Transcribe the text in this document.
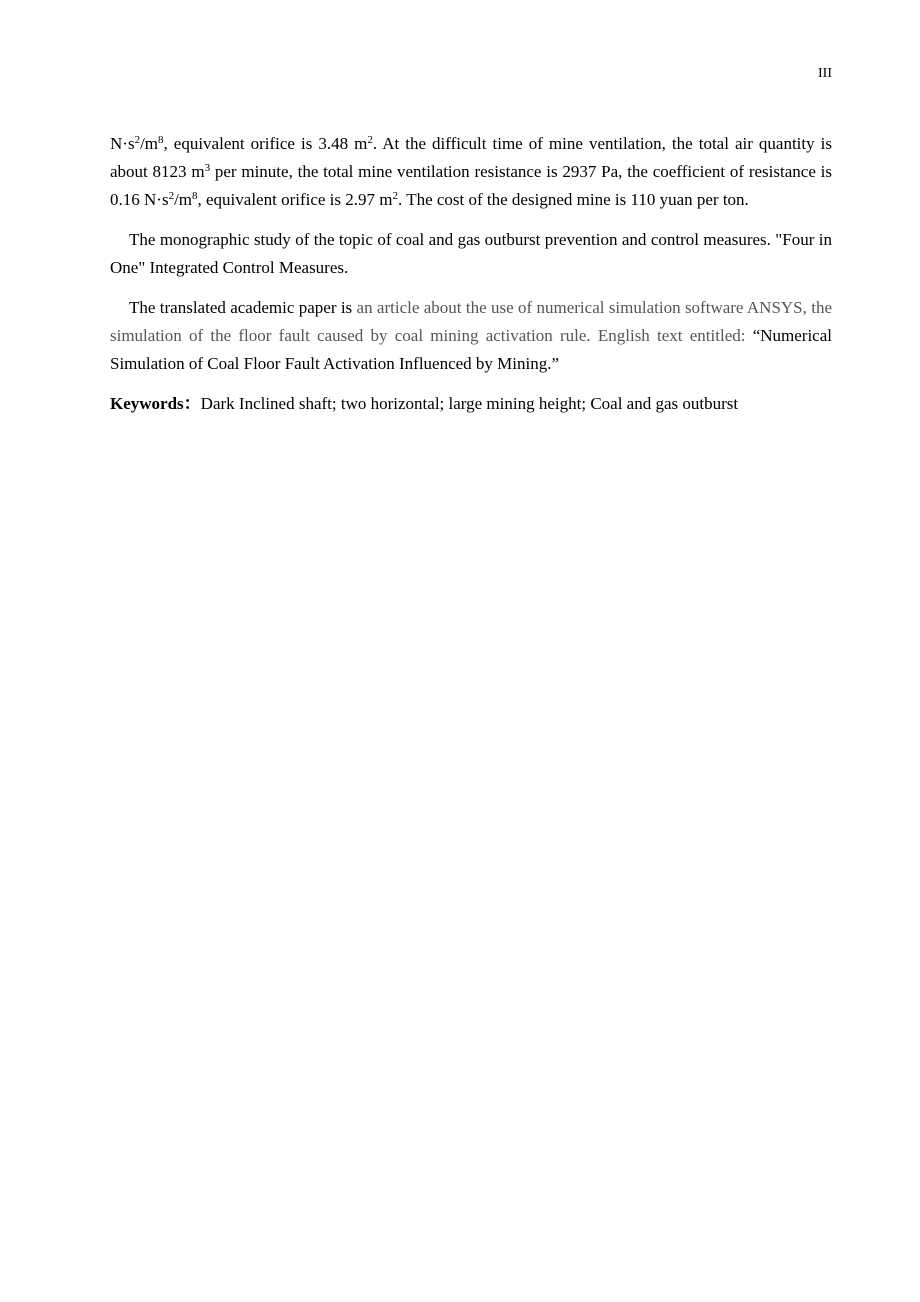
III

$N\cdot s^2/m^8$, equivalent orifice is 3.48 $m^2$. At the difficult time of mine ventilation, the total air quantity is about 8123 $m^3$ per minute, the total mine ventilation resistance is 2937 Pa, the coefficient of resistance is 0.16 $N\cdot s^2/m^8$, equivalent orifice is 2.97 $m^2$. The cost of the designed mine is 110 yuan per ton.

The monographic study of the topic of coal and gas outburst prevention and control measures. "Four in One" Integrated Control Measures.

The translated academic paper is an article about the use of numerical simulation software ANSYS, the simulation of the floor fault caused by coal mining activation rule. English text entitled: “Numerical Simulation of Coal Floor Fault Activation Influenced by Mining.”

Keywords：Dark Inclined shaft; two horizontal; large mining height; Coal and gas outburst
